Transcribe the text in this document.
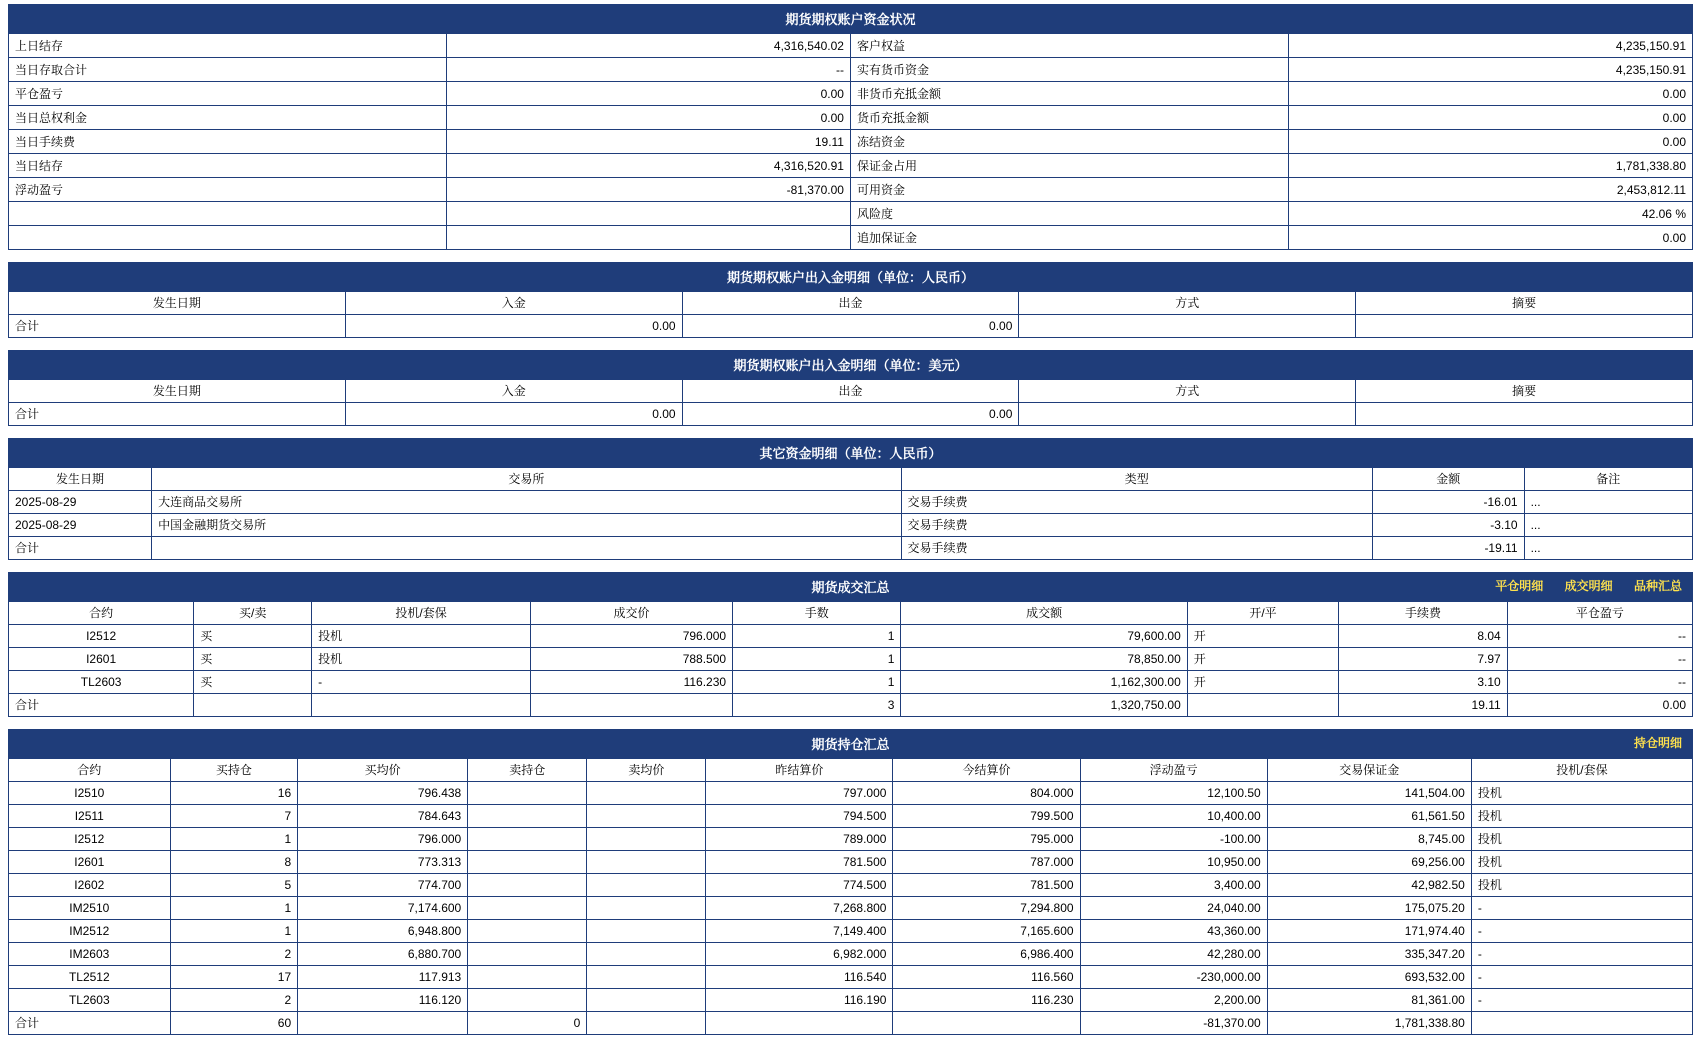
期货期权账户资金状况
上日结存	4,316,540.02	客户权益	4,235,150.91
当日存取合计	--	实有货币资金	4,235,150.91
平仓盈亏	0.00	非货币充抵金额	0.00
当日总权利金	0.00	货币充抵金额	0.00
当日手续费	19.11	冻结资金	0.00
当日结存	4,316,520.91	保证金占用	1,781,338.80
浮动盈亏	-81,370.00	可用资金	2,453,812.11
		风险度	42.06 %
		追加保证金	0.00
期货期权账户出入金明细（单位：人民币）
发生日期	入金	出金	方式	摘要
合计	0.00	0.00		
期货期权账户出入金明细（单位：美元）
发生日期	入金	出金	方式	摘要
合计	0.00	0.00		
其它资金明细（单位：人民币）
发生日期	交易所	类型	金额	备注
2025-08-29	大连商品交易所	交易手续费	-16.01	...
2025-08-29	中国金融期货交易所	交易手续费	-3.10	...
合计		交易手续费	-19.11	...
期货成交汇总	平仓明细 成交明细 品种汇总
合约	买/卖	投机/套保	成交价	手数	成交额	开/平	手续费	平仓盈亏
I2512	买	投机	796.000	1	79,600.00	开	8.04	--
I2601	买	投机	788.500	1	78,850.00	开	7.97	--
TL2603	买	-	116.230	1	1,162,300.00	开	3.10	--
合计				3	1,320,750.00		19.11	0.00
期货持仓汇总	持仓明细
合约	买持仓	买均价	卖持仓	卖均价	昨结算价	今结算价	浮动盈亏	交易保证金	投机/套保
I2510	16	796.438			797.000	804.000	12,100.50	141,504.00	投机
I2511	7	784.643			794.500	799.500	10,400.00	61,561.50	投机
I2512	1	796.000			789.000	795.000	-100.00	8,745.00	投机
I2601	8	773.313			781.500	787.000	10,950.00	69,256.00	投机
I2602	5	774.700			774.500	781.500	3,400.00	42,982.50	投机
IM2510	1	7,174.600			7,268.800	7,294.800	24,040.00	175,075.20	-
IM2512	1	6,948.800			7,149.400	7,165.600	43,360.00	171,974.40	-
IM2603	2	6,880.700			6,982.000	6,986.400	42,280.00	335,347.20	-
TL2512	17	117.913			116.540	116.560	-230,000.00	693,532.00	-
TL2603	2	116.120			116.190	116.230	2,200.00	81,361.00	-
合计	60		0				-81,370.00	1,781,338.80	
